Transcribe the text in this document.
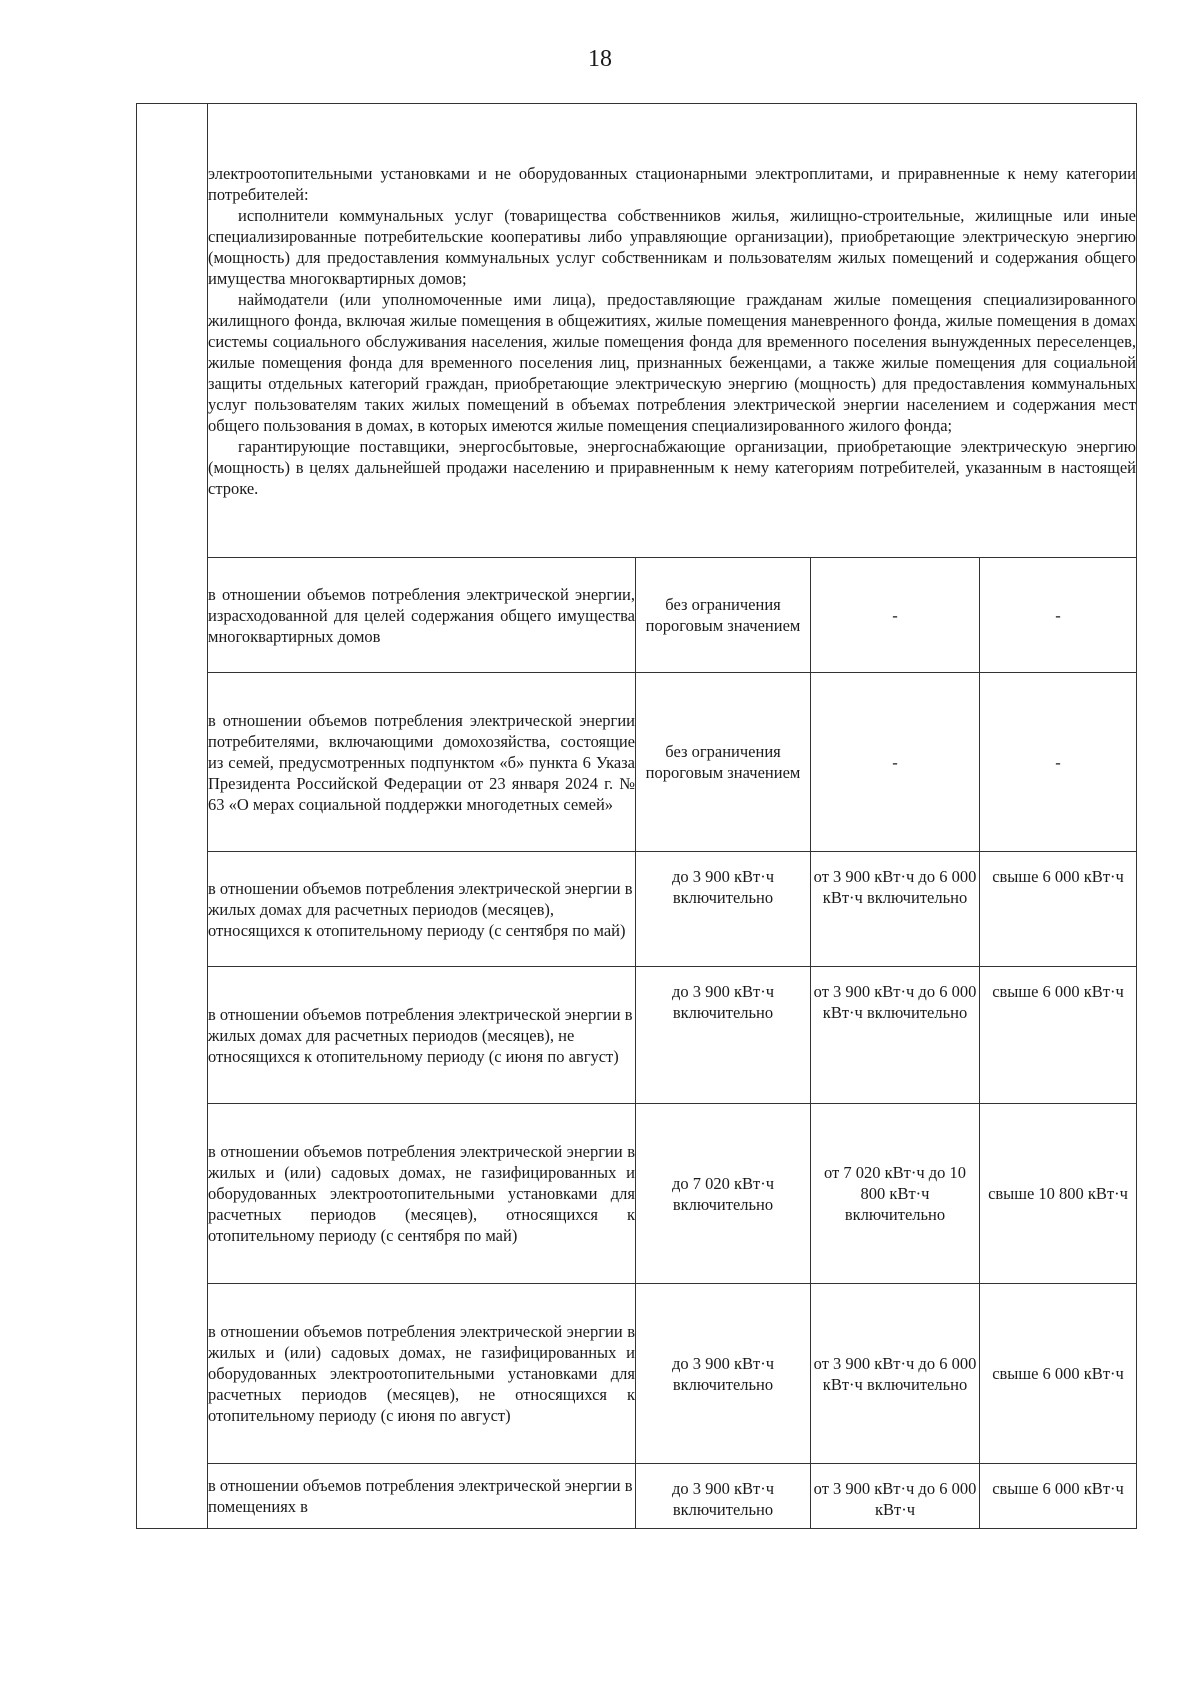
18

	электроотопительными установками и не оборудованных стационарными электроплитами, и приравненные к нему категории потребителей:

исполнители коммунальных услуг (товарищества собственников жилья, жилищно-строительные, жилищные или иные специализированные потребительские кооперативы либо управляющие организации), приобретающие электрическую энергию (мощность) для предоставления коммунальных услуг собственникам и пользователям жилых помещений и содержания общего имущества многоквартирных домов;

наймодатели (или уполномоченные ими лица), предоставляющие гражданам жилые помещения специализированного жилищного фонда, включая жилые помещения в общежитиях, жилые помещения маневренного фонда, жилые помещения в домах системы социального обслуживания населения, жилые помещения фонда для временного поселения вынужденных переселенцев, жилые помещения фонда для временного поселения лиц, признанных беженцами, а также жилые помещения для социальной защиты отдельных категорий граждан, приобретающие электрическую энергию (мощность) для предоставления коммунальных услуг пользователям таких жилых помещений в объемах потребления электрической энергии населением и содержания мест общего пользования в домах, в которых имеются жилые помещения специализированного жилого фонда;

гарантирующие поставщики, энергосбытовые, энергоснабжающие организации, приобретающие электрическую энергию (мощность) в целях дальнейшей продажи населению и приравненным к нему категориям потребителей, указанным в настоящей строке.			

	в отношении объемов потребления электрической энергии, израсходованной для целей содержания общего имущества многоквартирных домов	без ограничения пороговым значением	-	-
	в отношении объемов потребления электрической энергии потребителями, включающими домохозяйства, состоящие из семей, предусмотренных подпунктом «б» пункта 6 Указа Президента Российской Федерации от 23 января 2024 г. № 63 «О мерах социальной поддержки многодетных семей»	без ограничения пороговым значением	-	-
	в отношении объемов потребления электрической энергии в жилых домах для расчетных периодов (месяцев), относящихся к отопительному периоду (с сентября по май)	до 3 900 кВт·ч включительно	от 3 900 кВт·ч до 6 000 кВт·ч включительно	свыше 6 000 кВт·ч
	в отношении объемов потребления электрической энергии в жилых домах для расчетных периодов (месяцев), не относящихся к отопительному периоду (с июня по август)	до 3 900 кВт·ч включительно	от 3 900 кВт·ч до 6 000 кВт·ч включительно	свыше 6 000 кВт·ч
	в отношении объемов потребления электрической энергии в жилых и (или) садовых домах, не газифицированных и оборудованных электроотопительными установками для расчетных периодов (месяцев), относящихся к отопительному периоду (с сентября по май)	до 7 020 кВт·ч включительно	от 7 020 кВт·ч до 10 800 кВт·ч включительно	свыше 10 800 кВт·ч
	в отношении объемов потребления электрической энергии в жилых и (или) садовых домах, не газифицированных и оборудованных электроотопительными установками для расчетных периодов (месяцев), не относящихся к отопительному периоду (с июня по август)	до 3 900 кВт·ч включительно	от 3 900 кВт·ч до 6 000 кВт·ч включительно	свыше 6 000 кВт·ч
	в отношении объемов потребления электрической энергии в помещениях в	до 3 900 кВт·ч включительно	от 3 900 кВт·ч до 6 000 кВт·ч	свыше 6 000 кВт·ч
